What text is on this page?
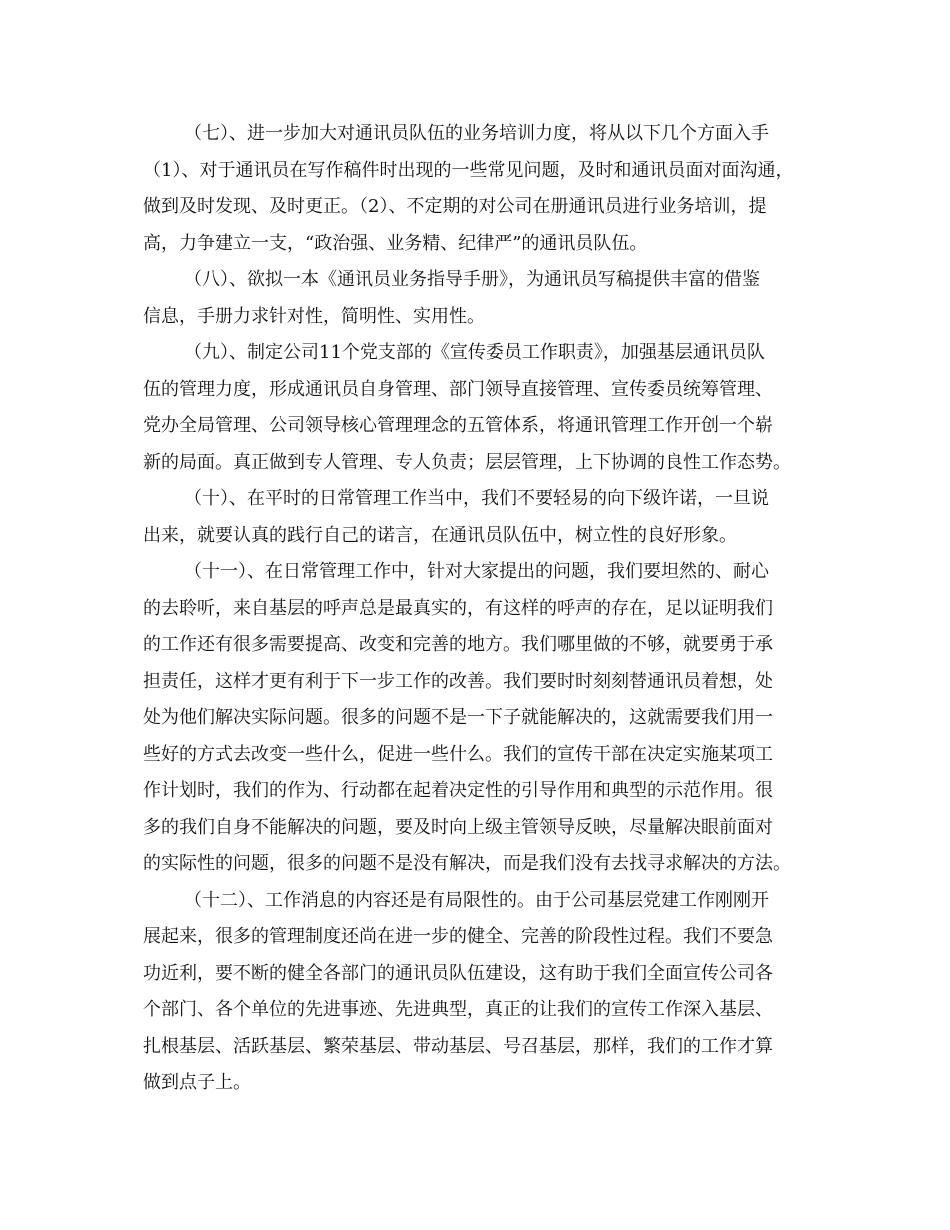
（七）、进一步加大对通讯员队伍的业务培训力度，将从以下几个方面入手
（1）、对于通讯员在写作稿件时出现的一些常见问题，及时和通讯员面对面沟通，
做到及时发现、及时更正。（2）、不定期的对公司在册通讯员进行业务培训，提
高，力争建立一支，“政治强、业务精、纪律严”的通讯员队伍。

（八）、欲拟一本《通讯员业务指导手册》，为通讯员写稿提供丰富的借鉴
信息，手册力求针对性，简明性、实用性。

（九）、制定公司11个党支部的《宣传委员工作职责》，加强基层通讯员队
伍的管理力度，形成通讯员自身管理、部门领导直接管理、宣传委员统筹管理、
党办全局管理、公司领导核心管理理念的五管体系，将通讯管理工作开创一个崭
新的局面。真正做到专人管理、专人负责；层层管理，上下协调的良性工作态势。

（十）、在平时的日常管理工作当中，我们不要轻易的向下级许诺，一旦说
出来，就要认真的践行自己的诺言，在通讯员队伍中，树立性的良好形象。

（十一）、在日常管理工作中，针对大家提出的问题，我们要坦然的、耐心
的去聆听，来自基层的呼声总是最真实的，有这样的呼声的存在，足以证明我们
的工作还有很多需要提高、改变和完善的地方。我们哪里做的不够，就要勇于承
担责任，这样才更有利于下一步工作的改善。我们要时时刻刻替通讯员着想，处
处为他们解决实际问题。很多的问题不是一下子就能解决的，这就需要我们用一
些好的方式去改变一些什么，促进一些什么。我们的宣传干部在决定实施某项工
作计划时，我们的作为、行动都在起着决定性的引导作用和典型的示范作用。很
多的我们自身不能解决的问题，要及时向上级主管领导反映，尽量解决眼前面对
的实际性的问题，很多的问题不是没有解决，而是我们没有去找寻求解决的方法。

（十二）、工作消息的内容还是有局限性的。由于公司基层党建工作刚刚开
展起来，很多的管理制度还尚在进一步的健全、完善的阶段性过程。我们不要急
功近利，要不断的健全各部门的通讯员队伍建设，这有助于我们全面宣传公司各
个部门、各个单位的先进事迹、先进典型，真正的让我们的宣传工作深入基层、
扎根基层、活跃基层、繁荣基层、带动基层、号召基层，那样，我们的工作才算
做到点子上。
